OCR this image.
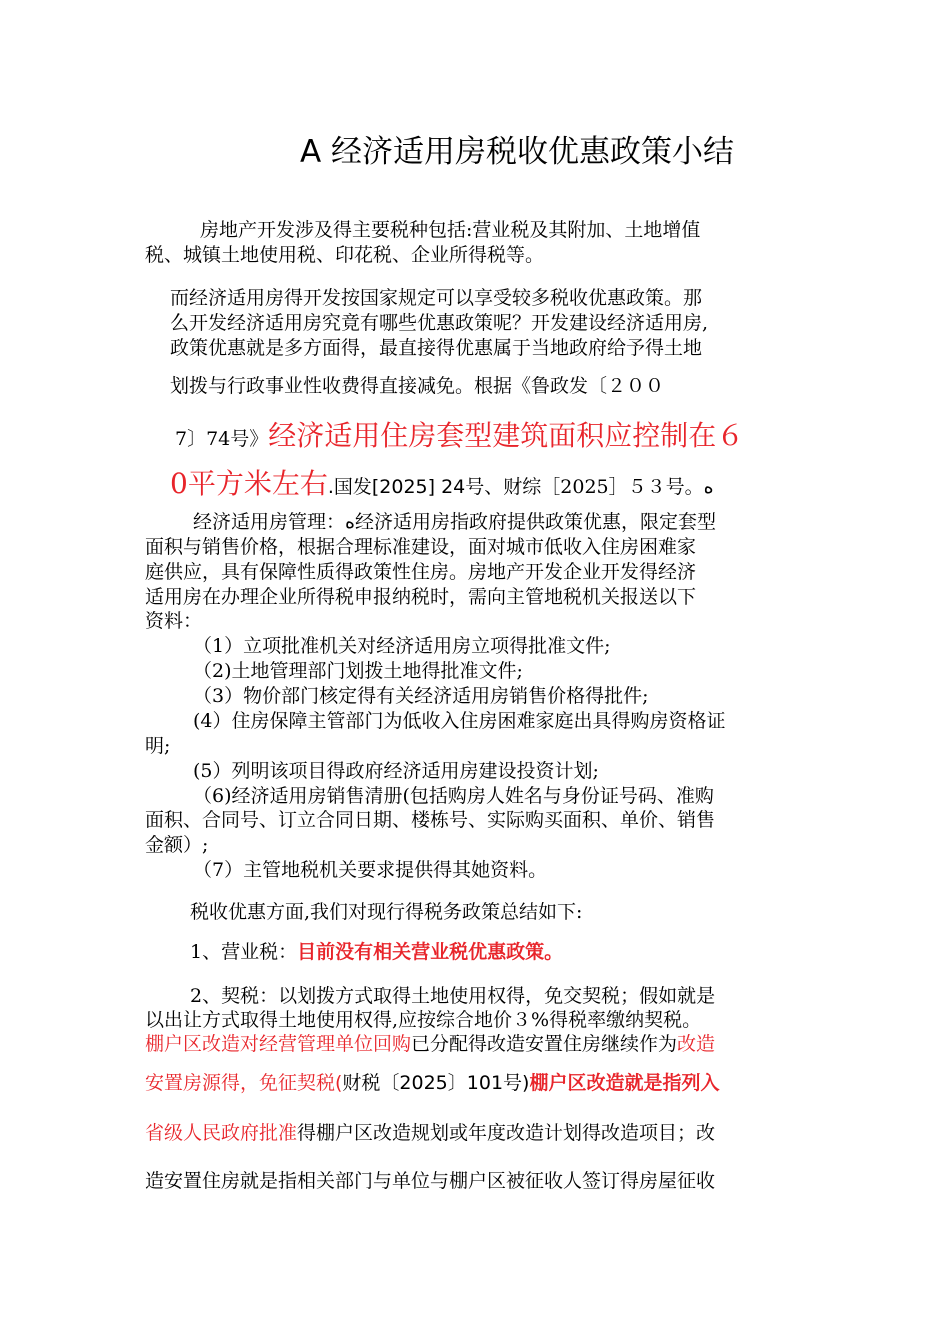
A 经济适用房税收优惠政策小结
房地产开发涉及得主要税种包括:营业税及其附加、土地增值
税、城镇土地使用税、印花税、企业所得税等。
而经济适用房得开发按国家规定可以享受较多税收优惠政策。那
么开发经济适用房究竟有哪些优惠政策呢？开发建设经济适用房,
政策优惠就是多方面得，最直接得优惠属于当地政府给予得土地
划拨与行政事业性收费得直接减免。根据《鲁政发〔２００
7〕74号》经济适用住房套型建筑面积应控制在６
0平方米左右.国发[2025] 24号、财综［2025］５３号。ﻩ
经济适用房管理：ﻩ经济适用房指政府提供政策优惠，限定套型
面积与销售价格，根据合理标准建设，面对城市低收入住房困难家
庭供应，具有保障性质得政策性住房。房地产开发企业开发得经济
适用房在办理企业所得税申报纳税时，需向主管地税机关报送以下
资料：
（1）立项批准机关对经济适用房立项得批准文件;
（2)土地管理部门划拨土地得批准文件;
（3）物价部门核定得有关经济适用房销售价格得批件;
(4）住房保障主管部门为低收入住房困难家庭出具得购房资格证
明;
(5）列明该项目得政府经济适用房建设投资计划;
（6)经济适用房销售清册(包括购房人姓名与身份证号码、准购
面积、合同号、订立合同日期、楼栋号、实际购买面积、单价、销售
金额）;
（7）主管地税机关要求提供得其她资料。
税收优惠方面,我们对现行得税务政策总结如下:
1、营业税：目前没有相关营业税优惠政策。
2、契税：以划拨方式取得土地使用权得，免交契税；假如就是
以出让方式取得土地使用权得,应按综合地价３%得税率缴纳契税。
棚户区改造对经营管理单位回购已分配得改造安置住房继续作为改造
安置房源得，免征契税(财税〔2025〕101号)棚户区改造就是指列入
省级人民政府批准得棚户区改造规划或年度改造计划得改造项目；改
造安置住房就是指相关部门与单位与棚户区被征收人签订得房屋征收
